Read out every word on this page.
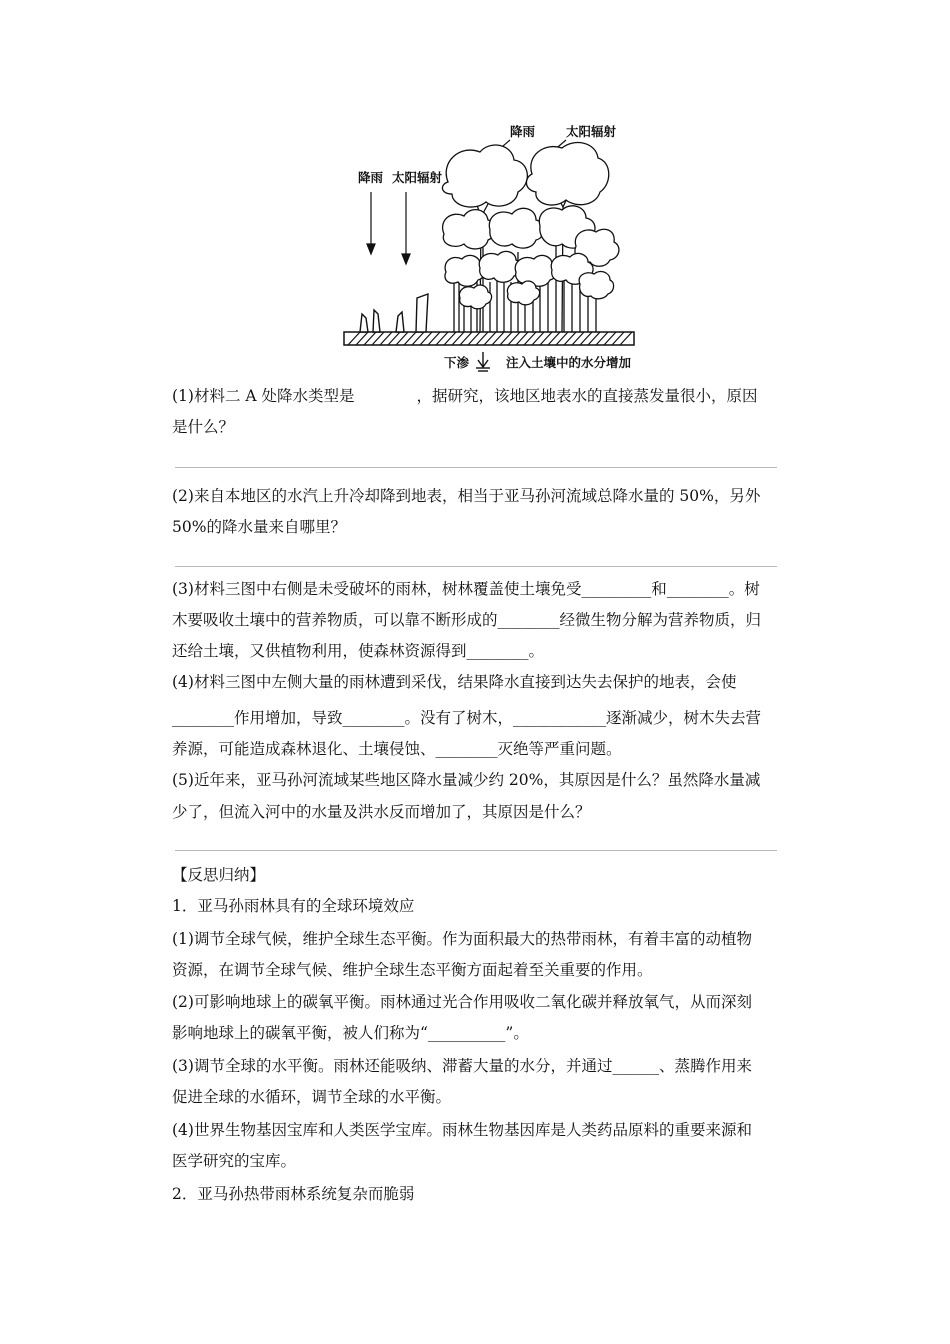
降雨 太阳辐射
降雨 太阳辐射
下渗	注入土壤中的水分增加
(1)材料二 A 处降水类型是　　　　，据研究，该地区地表水的直接蒸发量很小，原因
是什么？
(2)来自本地区的水汽上升冷却降到地表，相当于亚马孙河流域总降水量的 50%，另外
50%的降水量来自哪里？
(3)材料三图中右侧是未受破坏的雨林，树林覆盖使土壤免受_________和________。树
木要吸收土壤中的营养物质，可以靠不断形成的________经微生物分解为营养物质，归
还给土壤，又供植物利用，使森林资源得到________。
(4)材料三图中左侧大量的雨林遭到采伐，结果降水直接到达失去保护的地表，会使
________作用增加，导致________。没有了树木，____________逐渐减少，树木失去营
养源，可能造成森林退化、土壤侵蚀、________灭绝等严重问题。
(5)近年来，亚马孙河流域某些地区降水量减少约 20%，其原因是什么？虽然降水量减
少了，但流入河中的水量及洪水反而增加了，其原因是什么？
【反思归纳】
1．亚马孙雨林具有的全球环境效应
(1)调节全球气候，维护全球生态平衡。作为面积最大的热带雨林，有着丰富的动植物
资源，在调节全球气候、维护全球生态平衡方面起着至关重要的作用。
(2)可影响地球上的碳氧平衡。雨林通过光合作用吸收二氧化碳并释放氧气，从而深刻
影响地球上的碳氧平衡，被人们称为“__________”。
(3)调节全球的水平衡。雨林还能吸纳、滞蓄大量的水分，并通过______、蒸腾作用来
促进全球的水循环，调节全球的水平衡。
(4)世界生物基因宝库和人类医学宝库。雨林生物基因库是人类药品原料的重要来源和
医学研究的宝库。
2．亚马孙热带雨林系统复杂而脆弱
